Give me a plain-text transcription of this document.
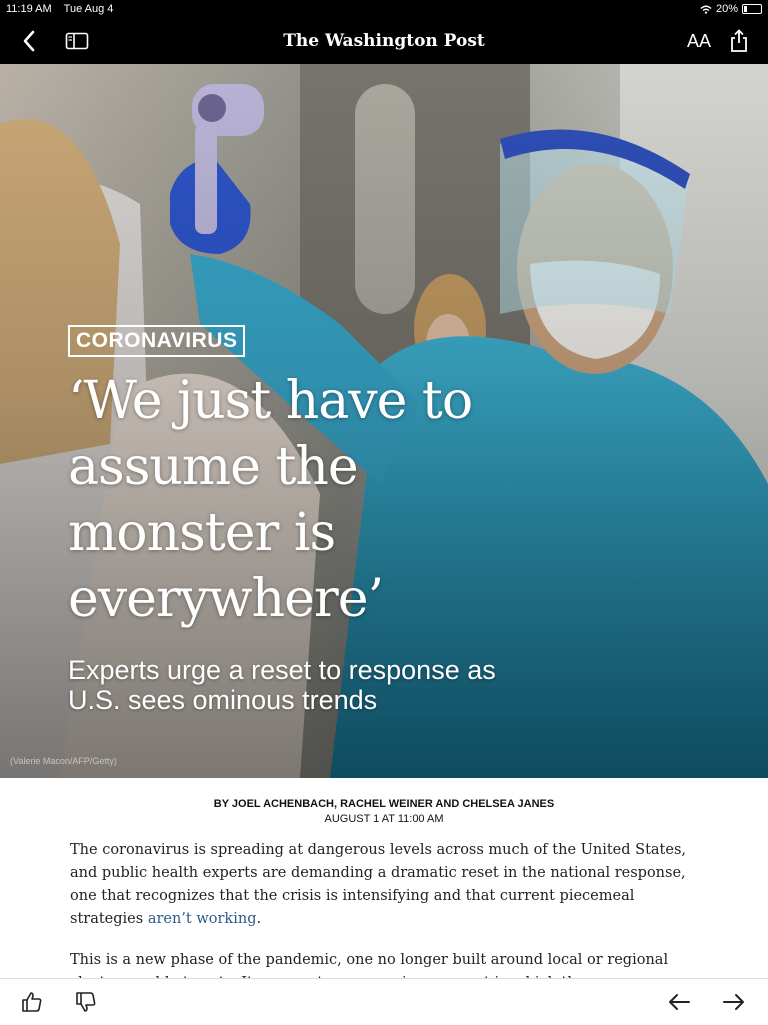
11:19 AM Tue Aug 4	20%
The Washington Post	AA
CORONAVIRUS
‘We just have to assume the monster is everywhere’

Experts urge a reset to response as U.S. sees ominous trends

(Valerie Macon/AFP/Getty)
BY JOEL ACHENBACH, RACHEL WEINER AND CHELSEA JANES
AUGUST 1 AT 11:00 AM

The coronavirus is spreading at dangerous levels across much of the United States, and public health experts are demanding a dramatic reset in the national response, one that recognizes that the crisis is intensifying and that current piecemeal strategies aren’t working.

This is a new phase of the pandemic, one no longer built around local or regional
